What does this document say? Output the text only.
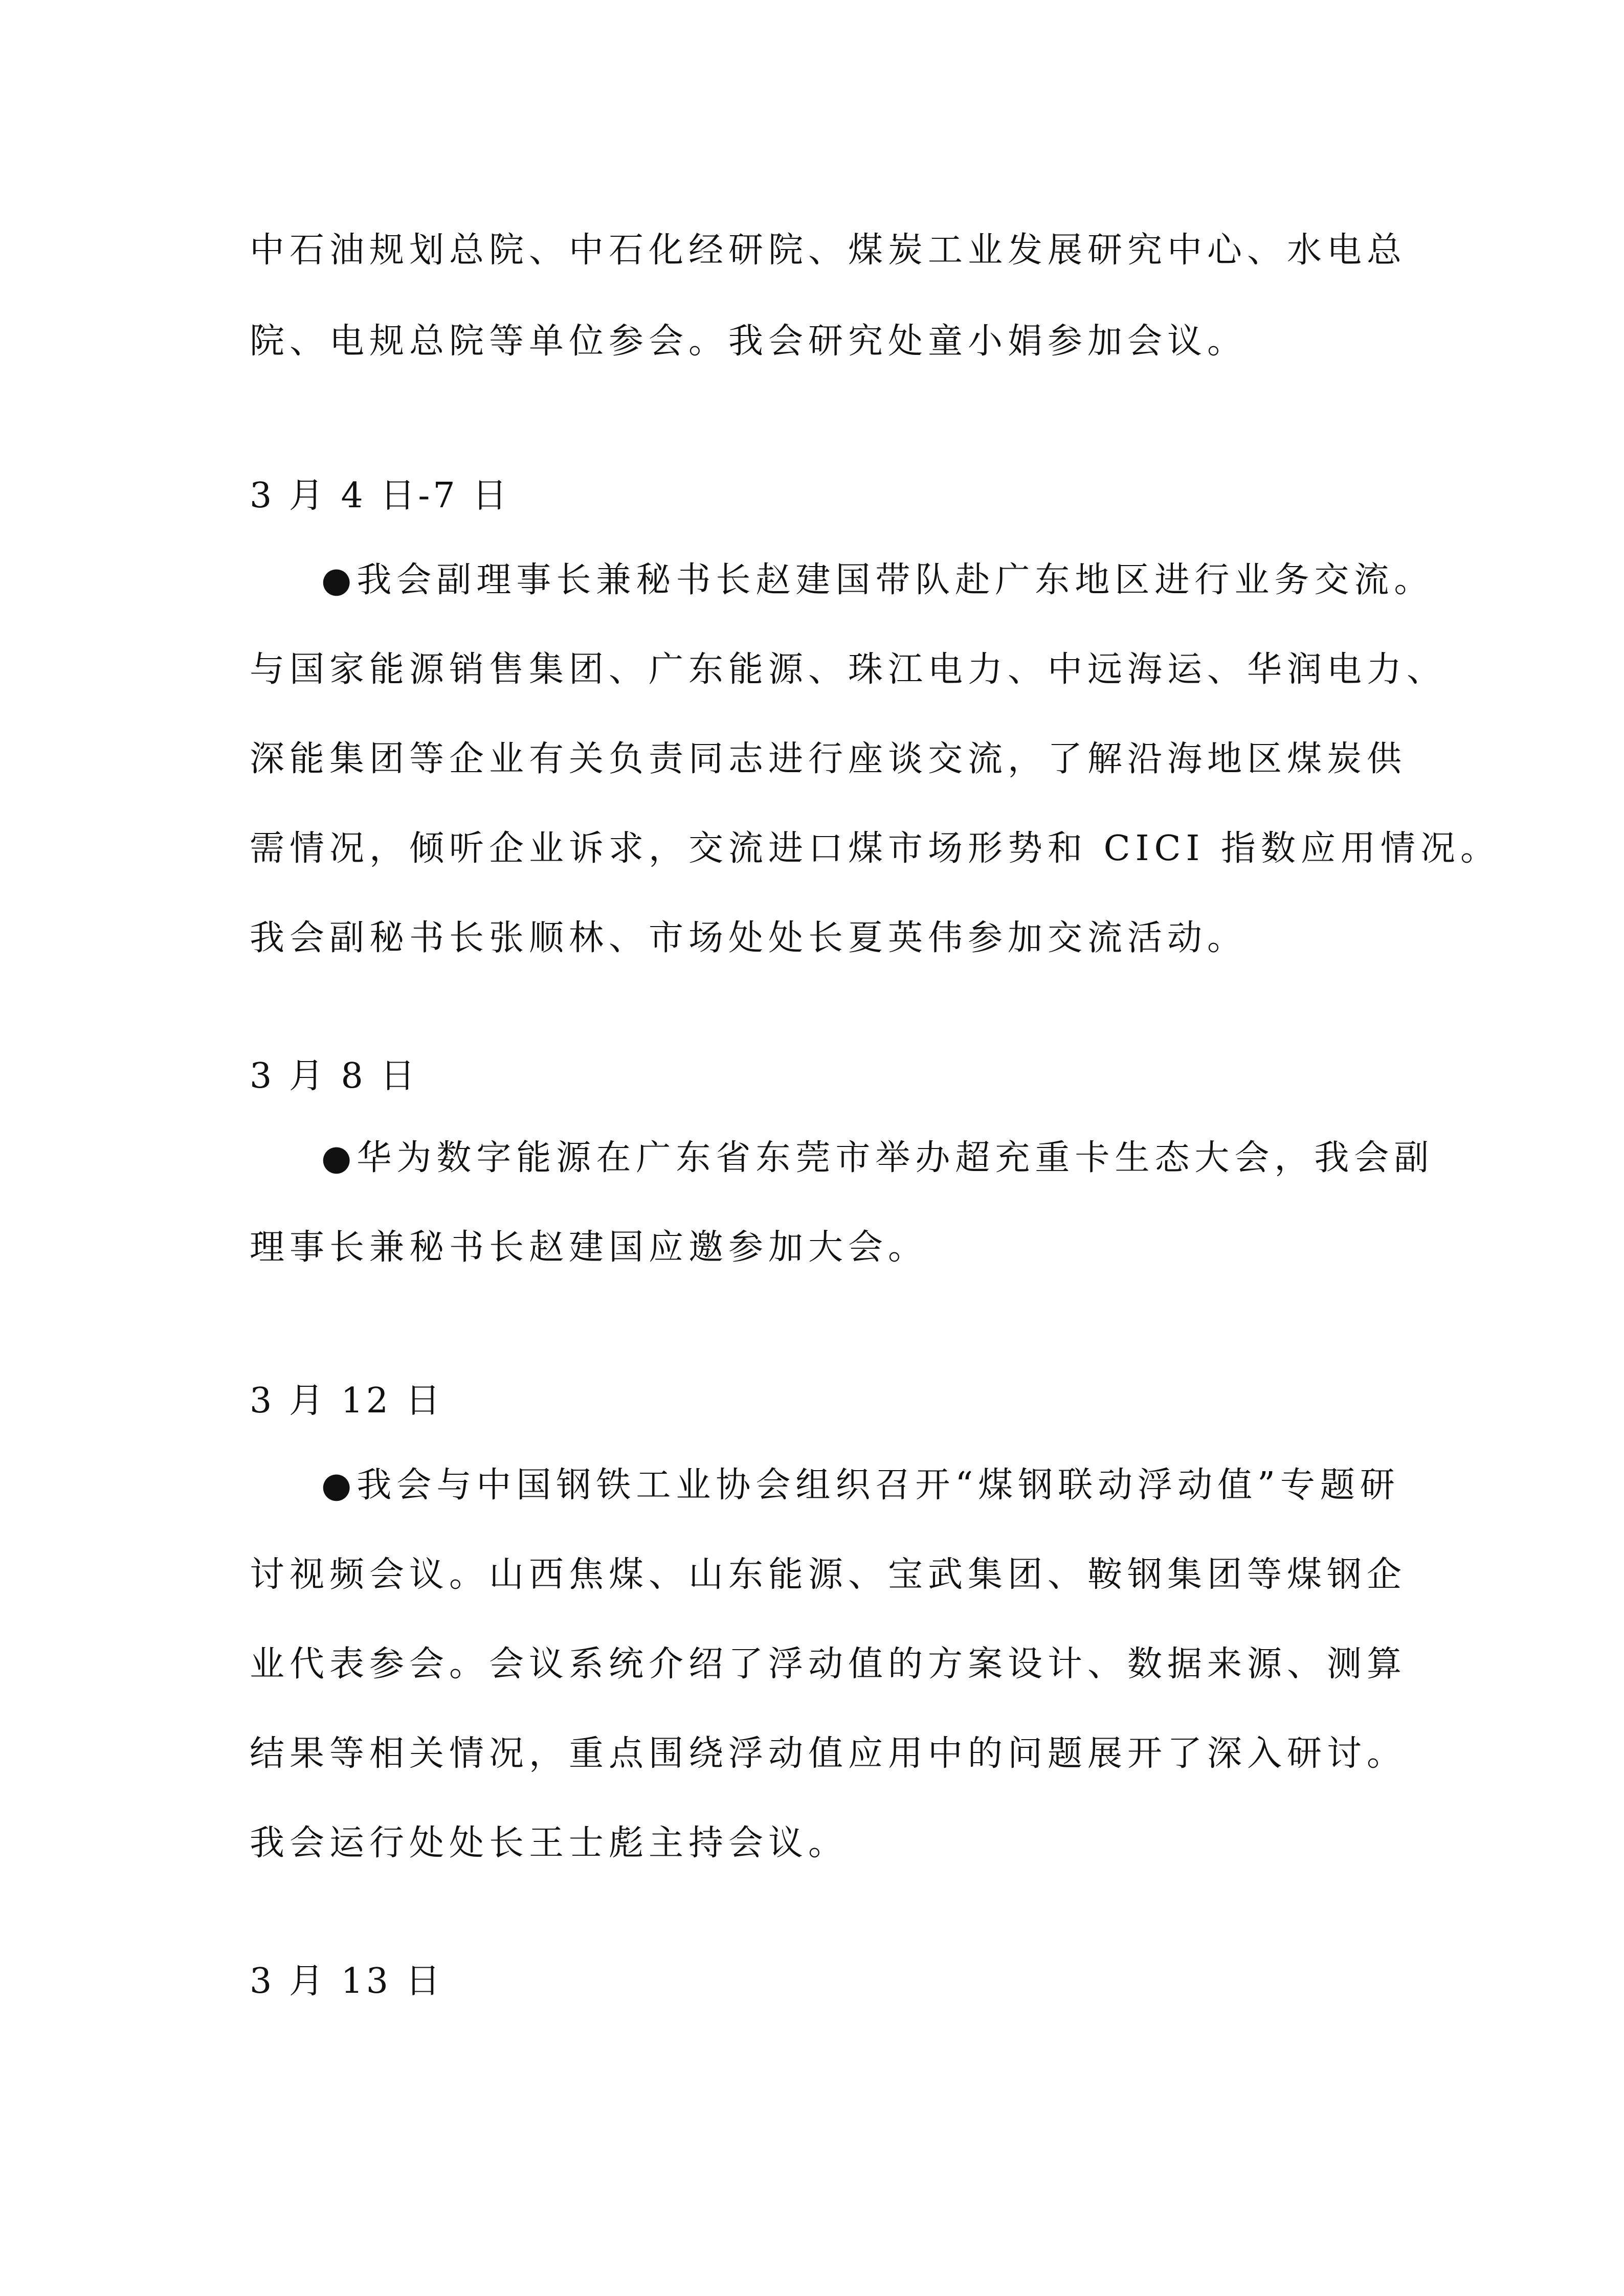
中石油规划总院、中石化经研院、煤炭工业发展研究中心、水电总
院、电规总院等单位参会。我会研究处童小娟参加会议。
3 月 4 日-7 日
●我会副理事长兼秘书长赵建国带队赴广东地区进行业务交流。
与国家能源销售集团、广东能源、珠江电力、中远海运、华润电力、
深能集团等企业有关负责同志进行座谈交流，了解沿海地区煤炭供
需情况，倾听企业诉求，交流进口煤市场形势和 CICI 指数应用情况。
我会副秘书长张顺林、市场处处长夏英伟参加交流活动。
3 月 8 日
●华为数字能源在广东省东莞市举办超充重卡生态大会，我会副
理事长兼秘书长赵建国应邀参加大会。
3 月 12 日
●我会与中国钢铁工业协会组织召开“煤钢联动浮动值”专题研
讨视频会议。山西焦煤、山东能源、宝武集团、鞍钢集团等煤钢企
业代表参会。会议系统介绍了浮动值的方案设计、数据来源、测算
结果等相关情况，重点围绕浮动值应用中的问题展开了深入研讨。
我会运行处处长王士彪主持会议。
3 月 13 日
